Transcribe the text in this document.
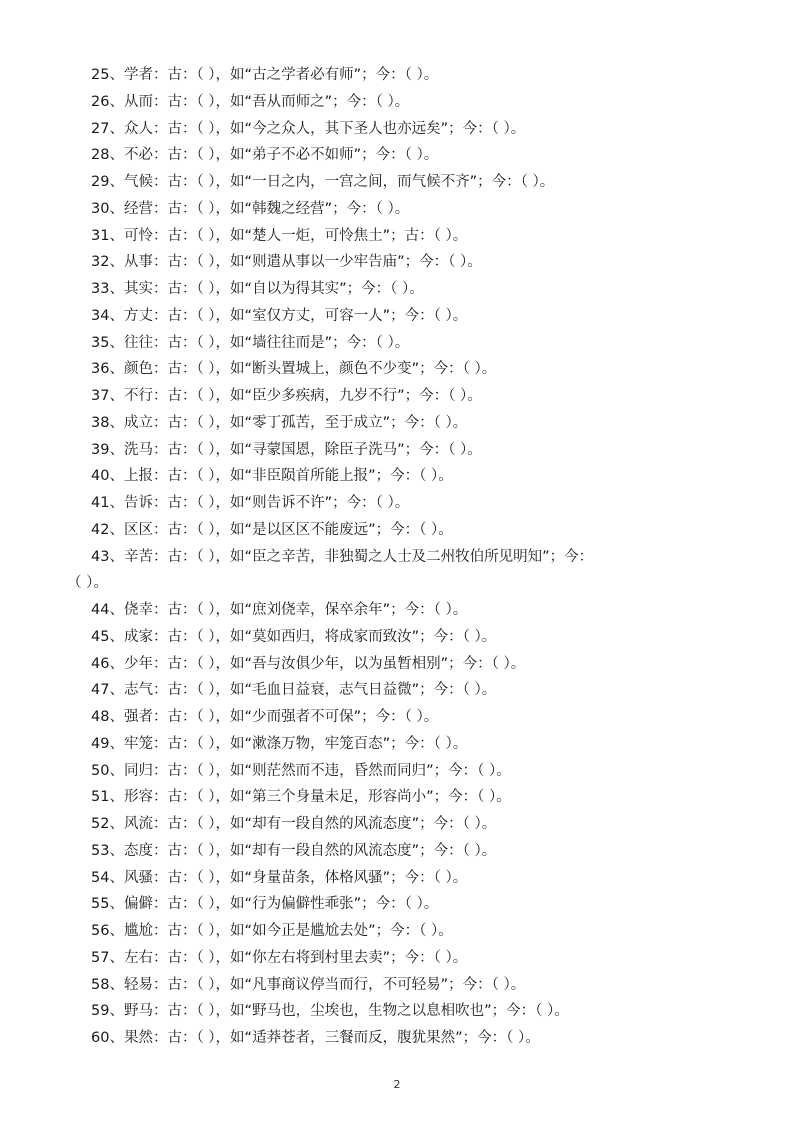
25、学者：古：（ ），如“古之学者必有师”；今：（ ）。
26、从而：古：（ ），如“吾从而师之”；今：（ ）。
27、众人：古：（ ），如“今之众人，其下圣人也亦远矣”；今：（ ）。
28、不必：古：（ ），如“弟子不必不如师”；今：（ ）。
29、气候：古：（ ），如“一日之内，一宫之间，而气候不齐”；今：（ ）。
30、经营：古：（ ），如“韩魏之经营”；今：（ ）。
31、可怜：古：（ ），如“楚人一炬，可怜焦土”；古：（ ）。
32、从事：古：（ ），如“则遣从事以一少牢告庙”；今：（ ）。
33、其实：古：（ ），如“自以为得其实”；今：（ ）。
34、方丈：古：（ ），如“室仅方丈，可容一人”；今：（ ）。
35、往往：古：（ ），如“墙往往而是”；今：（ ）。
36、颜色：古：（ ），如“断头置城上，颜色不少变”；今：（ ）。
37、不行：古：（ ），如“臣少多疾病，九岁不行”；今：（ ）。
38、成立：古：（ ），如“零丁孤苦，至于成立”；今：（ ）。
39、洗马：古：（ ），如“寻蒙国恩，除臣子洗马”；今：（ ）。
40、上报：古：（ ），如“非臣陨首所能上报”；今：（ ）。
41、告诉：古：（ ），如“则告诉不许”；今：（ ）。
42、区区：古：（ ），如“是以区区不能废远”；今：（ ）。
43、辛苦：古：（ ），如“臣之辛苦，非独蜀之人士及二州牧伯所见明知”；今：
（ ）。
44、侥幸：古：（ ），如“庶刘侥幸，保卒余年”；今：（ ）。
45、成家：古：（ ），如“莫如西归，将成家而致汝”；今：（ ）。
46、少年：古：（ ），如“吾与汝俱少年，以为虽暂相别”；今：（ ）。
47、志气：古：（ ），如“毛血日益衰，志气日益微”；今：（ ）。
48、强者：古：（ ），如“少而强者不可保”；今：（ ）。
49、牢笼：古：（ ），如“漱涤万物，牢笼百态”；今：（ ）。
50、同归：古：（ ），如“则茫然而不违，昏然而同归”；今：（ ）。
51、形容：古：（ ），如“第三个身量未足，形容尚小”；今：（ ）。
52、风流：古：（ ），如“却有一段自然的风流态度”；今：（ ）。
53、态度：古：（ ），如“却有一段自然的风流态度”；今：（ ）。
54、风骚：古：（ ），如“身量苗条，体格风骚”；今：（ ）。
55、偏僻：古：（ ），如“行为偏僻性乖张”；今：（ ）。
56、尴尬：古：（ ），如“如今正是尴尬去处”；今：（ ）。
57、左右：古：（ ），如“你左右将到村里去卖”；今：（ ）。
58、轻易：古：（ ），如“凡事商议停当而行，不可轻易”；今：（ ）。
59、野马：古：（ ），如“野马也，尘埃也，生物之以息相吹也”；今：（ ）。
60、果然：古：（ ），如“适莽苍者，三餐而反，腹犹果然”；今：（ ）。
2
